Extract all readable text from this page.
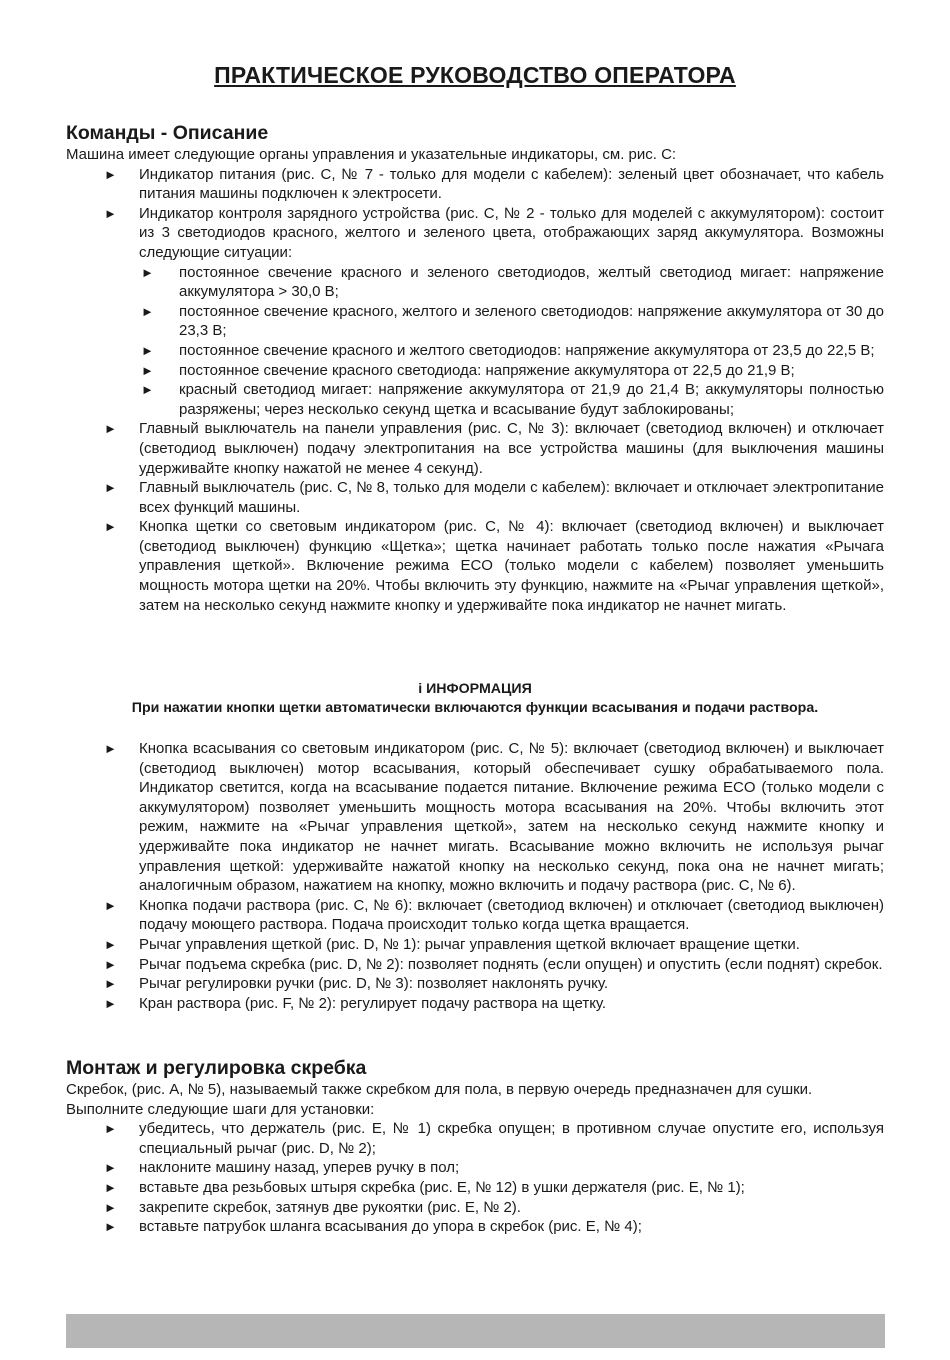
ПРАКТИЧЕСКОЕ РУКОВОДСТВО ОПЕРАТОРА
Команды - Описание

Машина имеет следующие органы управления и указательные индикаторы, см. рис. С:

► Индикатор питания (рис. С, № 7 - только для модели с кабелем): зеленый цвет обозначает, что кабель питания машины подключен к электросети.
► Индикатор контроля зарядного устройства (рис. С, № 2 - только для моделей с аккумулятором): состоит из 3 светодиодов красного, желтого и зеленого цвета, отображающих заряд аккумулятора. Возможны следующие ситуации:
► постоянное свечение красного и зеленого светодиодов, желтый светодиод мигает: напряжение аккумулятора > 30,0 В;
► постоянное свечение красного, желтого и зеленого светодиодов: напряжение аккумулятора от 30 до 23,3 В;
► постоянное свечение красного и желтого светодиодов: напряжение аккумулятора от 23,5 до 22,5 В;
► постоянное свечение красного светодиода: напряжение аккумулятора от 22,5 до 21,9 В;
► красный светодиод мигает: напряжение аккумулятора от 21,9 до 21,4 В; аккумуляторы полностью разряжены; через несколько секунд щетка и всасывание будут заблокированы;
► Главный выключатель на панели управления (рис. С, № 3): включает (светодиод включен) и отключает (светодиод выключен) подачу электропитания на все устройства машины (для выключения машины удерживайте кнопку нажатой не менее 4 секунд).
► Главный выключатель (рис. С, № 8, только для модели с кабелем): включает и отключает электропитание всех функций машины.
► Кнопка щетки со световым индикатором (рис. С, № 4): включает (светодиод включен) и выключает (светодиод выключен) функцию «Щетка»; щетка начинает работать только после нажатия «Рычага управления щеткой». Включение режима ECO (только модели с кабелем) позволяет уменьшить мощность мотора щетки на 20%. Чтобы включить эту функцию, нажмите на «Рычаг управления щеткой», затем на несколько секунд нажмите кнопку и удерживайте пока индикатор не начнет мигать.

i ИНФОРМАЦИЯ

При нажатии кнопки щетки автоматически включаются функции всасывания и подачи раствора.

► Кнопка всасывания со световым индикатором (рис. С, № 5): включает (светодиод включен) и выключает (светодиод выключен) мотор всасывания, который обеспечивает сушку обрабатываемого пола. Индикатор светится, когда на всасывание подается питание. Включение режима ECO (только модели с аккумулятором) позволяет уменьшить мощность мотора всасывания на 20%. Чтобы включить этот режим, нажмите на «Рычаг управления щеткой», затем на несколько секунд нажмите кнопку и удерживайте пока индикатор не начнет мигать. Всасывание можно включить не используя рычаг управления щеткой: удерживайте нажатой кнопку на несколько секунд, пока она не начнет мигать; аналогичным образом, нажатием на кнопку, можно включить и подачу раствора (рис. С, № 6).
► Кнопка подачи раствора (рис. С, № 6): включает (светодиод включен) и отключает (светодиод выключен) подачу моющего раствора. Подача происходит только когда щетка вращается.
► Рычаг управления щеткой (рис. D, № 1): рычаг управления щеткой включает вращение щетки.
► Рычаг подъема скребка (рис. D, № 2): позволяет поднять (если опущен) и опустить (если поднят) скребок.
► Рычаг регулировки ручки (рис. D, № 3): позволяет наклонять ручку.
► Кран раствора (рис. F, № 2): регулирует подачу раствора на щетку.
Монтаж и регулировка скребка

Скребок, (рис. А, № 5), называемый также скребком для пола, в первую очередь предназначен для сушки. Выполните следующие шаги для установки:

► убедитесь, что держатель (рис. Е, № 1) скребка опущен; в противном случае опустите его, используя специальный рычаг (рис. D, № 2);
► наклоните машину назад, уперев ручку в пол;
► вставьте два резьбовых штыря скребка (рис. Е, № 12) в ушки держателя (рис. Е, № 1);
► закрепите скребок, затянув две рукоятки (рис. Е, № 2).
► вставьте патрубок шланга всасывания до упора в скребок (рис. Е, № 4);
